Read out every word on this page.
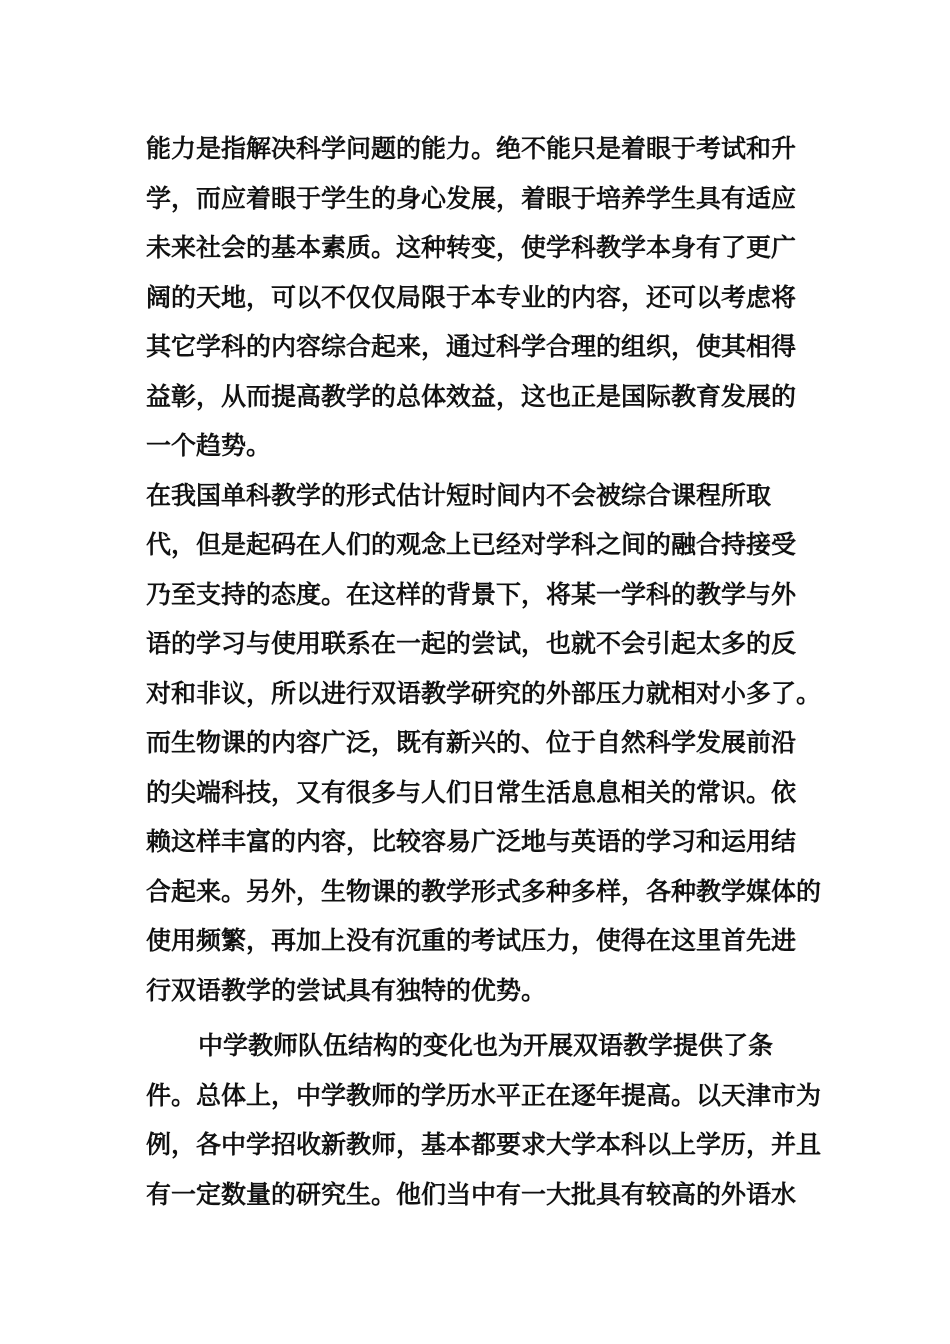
能力是指解决科学问题的能力。绝不能只是着眼于考试和升
学，而应着眼于学生的身心发展，着眼于培养学生具有适应
未来社会的基本素质。这种转变，使学科教学本身有了更广
阔的天地，可以不仅仅局限于本专业的内容，还可以考虑将
其它学科的内容综合起来，通过科学合理的组织，使其相得
益彰，从而提高教学的总体效益，这也正是国际教育发展的
一个趋势。
在我国单科教学的形式估计短时间内不会被综合课程所取
代，但是起码在人们的观念上已经对学科之间的融合持接受
乃至支持的态度。在这样的背景下，将某一学科的教学与外
语的学习与使用联系在一起的尝试，也就不会引起太多的反
对和非议，所以进行双语教学研究的外部压力就相对小多了。
而生物课的内容广泛，既有新兴的、位于自然科学发展前沿
的尖端科技，又有很多与人们日常生活息息相关的常识。依
赖这样丰富的内容，比较容易广泛地与英语的学习和运用结
合起来。另外，生物课的教学形式多种多样，各种教学媒体的
使用频繁，再加上没有沉重的考试压力，使得在这里首先进
行双语教学的尝试具有独特的优势。
中学教师队伍结构的变化也为开展双语教学提供了条
件。总体上，中学教师的学历水平正在逐年提高。以天津市为
例，各中学招收新教师，基本都要求大学本科以上学历，并且
有一定数量的研究生。他们当中有一大批具有较高的外语水
